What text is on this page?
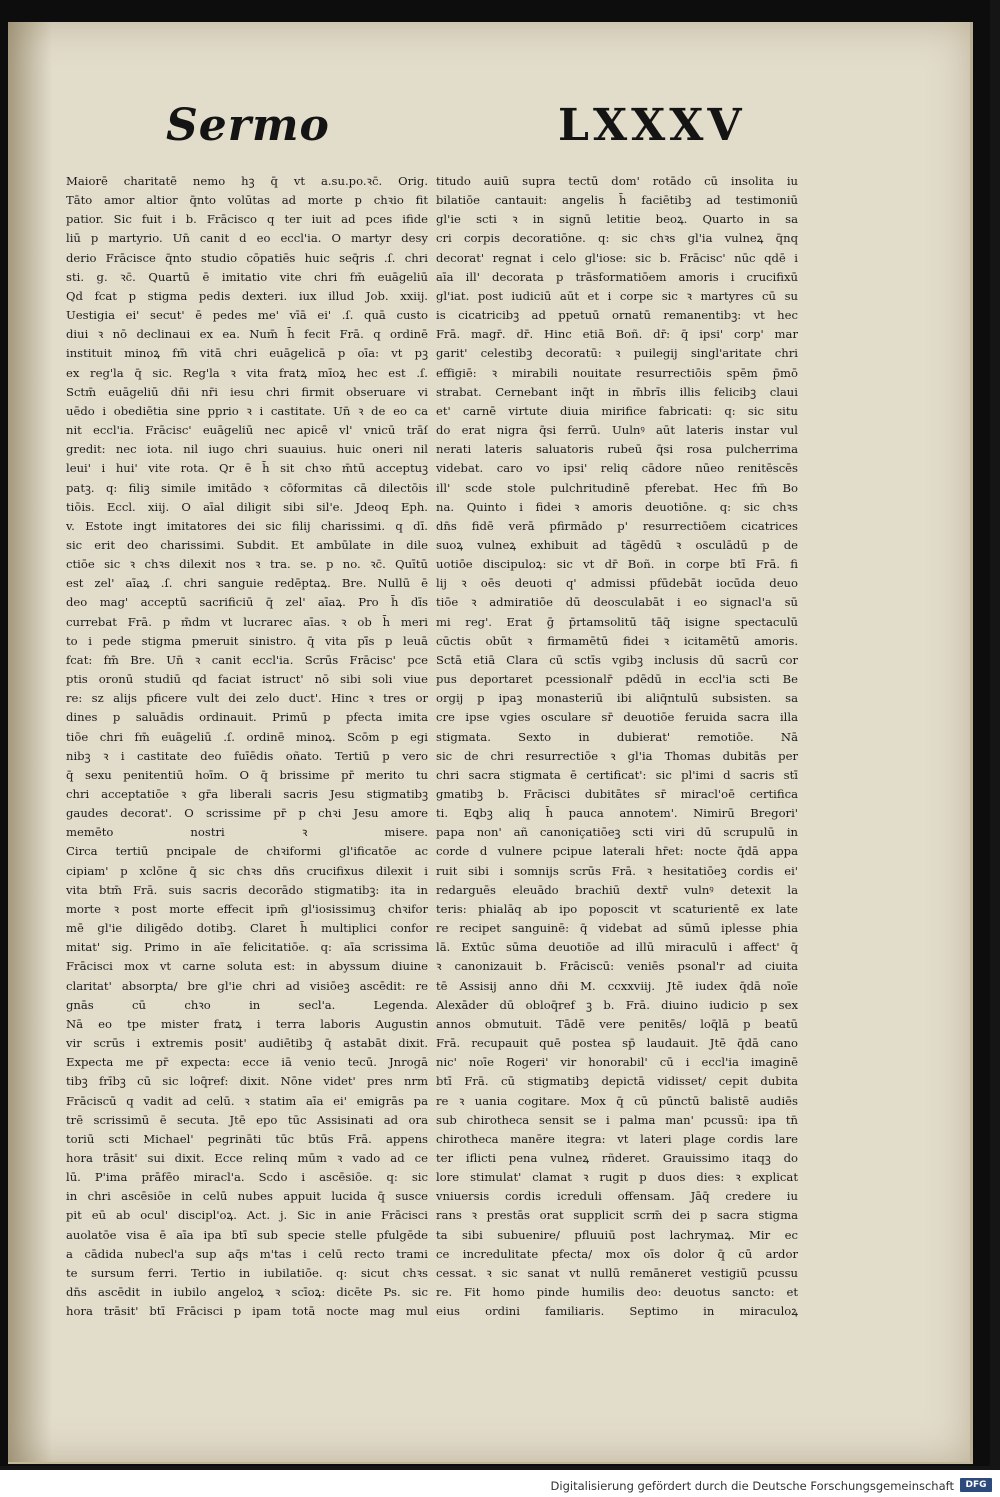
Sermo	LXXXV
Maiorē charitatē nemo hꝫ q̄ vt a.su.po.ꝛc̄. Orig.
Tāto amor altior q̄nto volūtas ad morte p chꝛio fit
patior. Sic fuit i b. Frācisco q ter iuit ad pces ifide
liū p martyrio. Un̄ canit d eo eccl'ia. O martyr desy
derio Frācisce q̄nto studio cōpatiēs huic seq̄ris .ſ. chri
sti. g. ꝛc̄. Quartū ē imitatio vite chri fm̄ euāgeliū
Qd fcat p stigma pedis dexteri. iux illud Job. xxiij.
Uestigia ei' secut' ē pedes me' vīā ei' .ſ. quā custo
diui ꝛ nō declinaui ex ea. Num̄ h̄ fecit Frā. q ordinē
instituit minoꝝ fm̄ vitā chri euāgelicā p oīa: vt pꝫ
ex reg'la q̄ sic. Reg'la ꝛ vita fratꝝ mīoꝝ hec est .ſ.
Sctm̄ euāgeliū dn̄i nr̄i iesu chri firmit obseruare vi
uēdo i obediētia sine pprio ꝛ i castitate. Un̄ ꝛ de eo ca
nit eccl'ia. Frācisc' euāgeliū nec apicē vl' vnicū trāſ
gredit: nec iota. nil iugo chri suauius. huic oneri nil
leui' i hui' vite rota. Qr ē h̄ sit chꝛo m̄tū acceptuꝫ
patꝫ. q: filiꝫ simile imitādo ꝛ cōformitas cā dilectōis
tiōis. Eccl. xiij. O aīal diligit sibi sil'e. Jdeoq Eph.
v. Estote ingt imitatores dei sic filij charissimi. q dī.
sic erit deo charissimi. Subdit. Et ambūlate in dile
ctiōe sic ꝛ chꝛs dilexit nos ꝛ tra. se. p no. ꝛc̄. Quītū
est zel' aīaꝝ .ſ. chri sanguie redēptaꝝ. Bre. Nullū ē
deo mag' acceptū sacrificiū q̄ zel' aīaꝝ. Pro h̄ dīs
currebat Frā. p m̄dm vt lucrarec aīas. ꝛ ob h̄ meri
to i pede stigma pmeruit sinistro. q̄ vita pī̄s p leuā
fcat: fm̄ Bre. Un̄ ꝛ canit eccl'ia. Scrūs Frācisc' pce
ptis oronū studiū qd faciat istruct' nō sibi soli viue
re: sz alijs pficere vult dei zelo duct'. Hinc ꝛ tres or
dines p saluādis ordinauit. Primū p pfecta imita
tiōe chri fm̄ euāgeliū .ſ. ordinē minoꝝ. Scōm p egi
nibꝫ ꝛ i castitate deo fuīēdis oñato. Tertiū p vero
q̄ sexu penitentiū hoīm. O q̄ brissime pr̄ merito tu
chri acceptatiōe ꝛ gr̄a liberali sacris Jesu stigmatibꝫ
gaudes decorat'. O scrissime pr̄ p chꝛi Jesu amore
memēto nostri ꝛ misere.
Circa tertiū pncipale de chꝛiformi gl'ificatōe ac
cipiam' p xclōne q̄ sic chꝛs dn̄s crucifixus dilexit i
vita btm̄ Frā. suis sacris decorādo stigmatibꝫ: ita in
morte ꝛ post morte effecit ipm̄ gl'iosissimuꝫ chꝛifor
mē gl'ie diligēdo dotibꝫ. Claret h̄ multiplici confor
mitat' sig. Primo in aīe felicitatiōe. q: aīa scrissima
Frācisci mox vt carne soluta est: in abyssum diuine
claritat' absorpta/ bre gl'ie chri ad visiōeꝫ ascēdit: re
gnās cū chꝛo in secl'a. Legenda.
Nā eo tpe mister fratꝝ i terra laboris Augustin
vir scrūs i extremis posit' audiētibꝫ q̄ astabāt dixit.
Expecta me pr̄ expecta: ecce iā venio tecū. Jnrogā
tibꝫ frībꝫ cū sic loq̄ref: dixit. Nōne videt' pres nrm
Frāciscū q vadit ad celū. ꝛ statim aīa ei' emigrās pa
trē scrissimū ē secuta. Jtē epo tūc Assisinati ad ora
toriū scti Michael' pegrināti tūc btūs Frā. appens
hora trāsit' sui dixit. Ecce relinq mūm ꝛ vado ad ce
lū. P'ima prāfēo miracl'a. Scdo i ascēsiōe. q: sic
in chri ascēsiōe in celū nubes appuit lucida q̄ susce
pit eū ab ocul' discipl'oꝝ. Act. j. Sic in anie Frācisci
auolatōe visa ē aīa ipa btī sub specie stelle pfulgēde
a cādida nubecl'a sup aq̄s m'tas i celū recto trami
te sursum ferri. Tertio in iubilatiōe. q: sicut chꝛs
dn̄s ascēdit in iubilo angeloꝝ ꝛ scīoꝝ: dicēte Ps. sic
hora trāsit' btī Frācisci p ipam totā nocte mag mul
titudo auiū supra tectū dom' rotādo cū insolita iu
bilatiōe cantauit: angelis h̄ faciētibꝫ ad testimoniū
gl'ie scti ꝛ in signū letitie beoꝝ. Quarto in sa
cri corpis decoratiōne. q: sic chꝛs gl'ia vulneꝝ q̄nq
decorat' regnat i celo gl'iose: sic b. Frācisc' nūc qdē i
aīa ill' decorata p trāsformatiōem amoris i crucifixū
gl'iat. post iudiciū aūt et i corpe sic ꝛ martyres cū su
is cicatricibꝫ ad ppetuū ornatū remanentibꝫ: vt hec
Frā. magr̄. dr̄. Hinc etiā Boñ. dr̄: q̄ ipsi' corp' mar
garit' celestibꝫ decoratū: ꝛ puilegij singl'aritate chri
effigiē: ꝛ mirabili nouitate resurrectiōis spēm p̄mō
strabat. Cernebant inq̄t in m̄brīs illis felicibꝫ claui
et' carnē virtute diuia mirifice fabricati: q: sic situ
do erat nigra q̄si ferrū. Uulnꝰ aūt lateris instar vul
nerati lateris saluatoris rubeū q̄si rosa pulcherrima
videbat. caro vo ipsi' reliq cādore nūeo renitēscēs
ill' scde stole pulchritudinē pferebat. Hec fm̄ Bo
na. Quinto i fidei ꝛ amoris deuotiōne. q: sic chꝛs
dn̄s fidē verā pfirmādo p' resurrectiōem cicatrices
suoꝝ vulneꝝ exhibuit ad tāgēdū ꝛ osculādū p de
uotiōe discipuloꝝ: sic vt dr̄ Boñ. in corpe btī Frā. fi
lij ꝛ oēs deuoti q' admissi pfūdebāt iocūda deuo
tiōe ꝛ admiratiōe dū deosculabāt i eo signacl'a sū
mi reg'. Erat ḡ p̄rtamsolitū tāq̄ isigne spectaculū
cūctis obūt ꝛ firmamētū fidei ꝛ icitamētū amoris.
Sctā etiā Clara cū sctīs vgibꝫ inclusis dū sacrū cor
pus deportaret pcessionalr̄ pdēdū in eccl'ia scti Be
orgij p ipaꝫ monasteriū ibi aliq̄ntulū subsisten. sa
cre ipse vgies osculare sr̄ deuotiōe feruida sacra illa
stigmata. Sexto in dubierat' remotiōe. Nā
sic de chri resurrectiōe ꝛ gl'ia Thomas dubitās per
chri sacra stigmata ē certificat': sic pl'imi d sacris stī
gmatibꝫ b. Frācisci dubitātes sr̄ miracl'oē certifica
ti. Eꝗbꝫ aliq h̄ pauca annotem'. Nimirū Bregori'
papa non' añ canoniçatiōeꝫ scti viri dū scrupulū in
corde d vulnere pcipue laterali hr̄et: nocte q̄dā appa
ruit sibi i somnijs scrūs Frā. ꝛ hesitatiōeꝫ cordis ei'
redarguēs eleuādo brachiū dextr̄ vulnꝰ detexit la
teris: phialāq ab ipo poposcit vt scaturientē ex late
re recipet sanguinē: q̄ videbat ad sūmū iplesse phia
lā. Extūc sūma deuotiōe ad illū miraculū i affect' q̄
ꝛ canonizauit b. Frāciscū: veniēs psonal'r ad ciuita
tē Assisij anno dn̄i M. ccxxviij. Jtē iudex q̄dā noīe
Alexāder dū obloq̄ref ꝫ b. Frā. diuino iudicio p sex
annos obmutuit. Tādē vere penitēs/ loq̄lā p beatū
Frā. recupauit quē postea sp̄ laudauit. Jtē q̄dā cano
nic' noīe Rogeri' vir honorabil' cū i eccl'ia imaginē
btī Frā. cū stigmatibꝫ depictā vidisset/ cepit dubita
re ꝛ uania cogitare. Mox q̄ cū pūnctū balistē audiēs
sub chirotheca sensit se i palma man' pcussū: ipa tn̄
chirotheca manēre itegra: vt lateri plage cordis lare
ter iflicti pena vulneꝝ rñderet. Grauissimo itaqꝫ do
lore stimulat' clamat ꝛ rugit p duos dies: ꝛ explicat
vniuersis cordis icreduli offensam. Jāq̄ credere iu
rans ꝛ prestās orat supplicit scrm̄ dei p sacra stigma
ta sibi subuenire/ pfluuiū post lachrymaꝝ. Mir ec
ce incredulitate pfecta/ mox oīs dolor q̄ cū ardor
cessat. ꝛ sic sanat vt nullū remāneret vestigiū pcussu
re. Fit homo pinde humilis deo: deuotus sancto: et
eius ordini familiaris. Septimo in miraculoꝝ
Digitalisierung gefördert durch die Deutsche Forschungsgemeinschaft	DFG
